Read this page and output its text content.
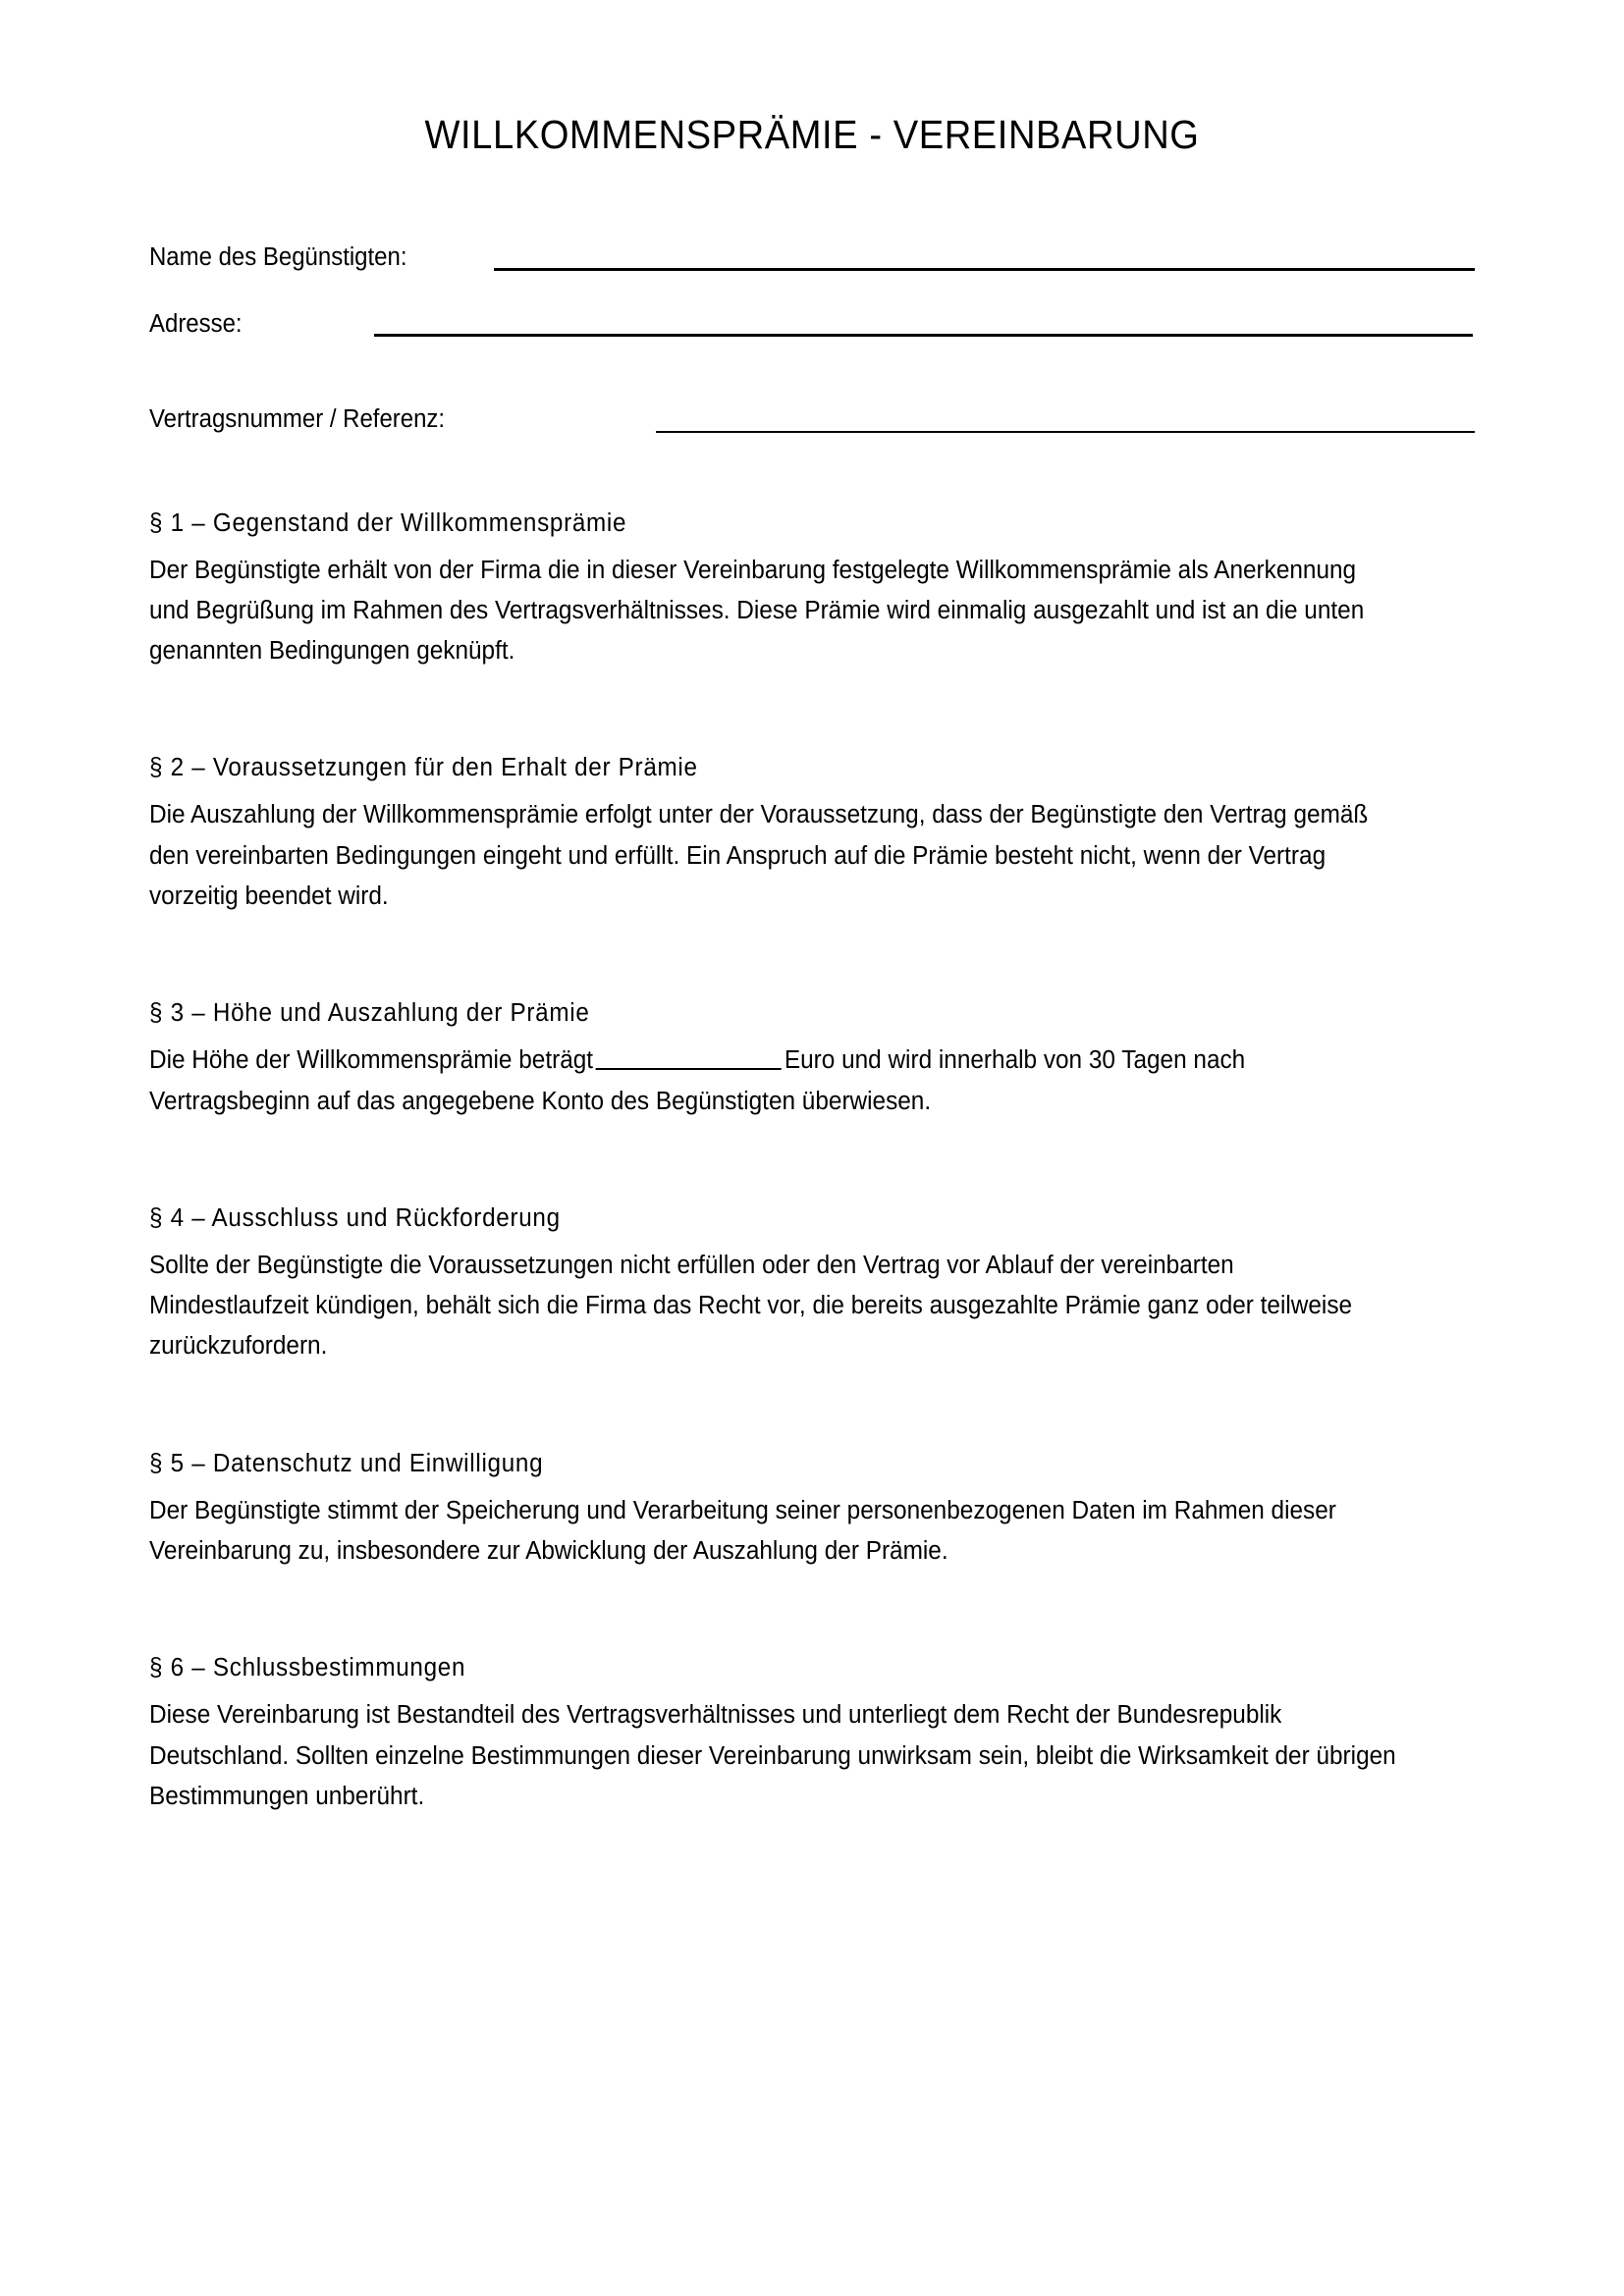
WILLKOMMENSPRÄMIE - VEREINBARUNG
Name des Begünstigten:
Adresse:
Vertragsnummer / Referenz:
§ 1 – Gegenstand der Willkommensprämie

Der Begünstigte erhält von der Firma die in dieser Vereinbarung festgelegte Willkommensprämie als Anerkennung und Begrüßung im Rahmen des Vertragsverhältnisses. Diese Prämie wird einmalig ausgezahlt und ist an die unten genannten Bedingungen geknüpft.

§ 2 – Voraussetzungen für den Erhalt der Prämie

Die Auszahlung der Willkommensprämie erfolgt unter der Voraussetzung, dass der Begünstigte den Vertrag gemäß den vereinbarten Bedingungen eingeht und erfüllt. Ein Anspruch auf die Prämie besteht nicht, wenn der Vertrag vorzeitig beendet wird.

§ 3 – Höhe und Auszahlung der Prämie

Die Höhe der Willkommensprämie beträgt	Euro und wird innerhalb von 30 Tagen nach Vertragsbeginn auf das angegebene Konto des Begünstigten überwiesen.

§ 4 – Ausschluss und Rückforderung

Sollte der Begünstigte die Voraussetzungen nicht erfüllen oder den Vertrag vor Ablauf der vereinbarten Mindestlaufzeit kündigen, behält sich die Firma das Recht vor, die bereits ausgezahlte Prämie ganz oder teilweise zurückzufordern.

§ 5 – Datenschutz und Einwilligung

Der Begünstigte stimmt der Speicherung und Verarbeitung seiner personenbezogenen Daten im Rahmen dieser Vereinbarung zu, insbesondere zur Abwicklung der Auszahlung der Prämie.

§ 6 – Schlussbestimmungen

Diese Vereinbarung ist Bestandteil des Vertragsverhältnisses und unterliegt dem Recht der Bundesrepublik Deutschland. Sollten einzelne Bestimmungen dieser Vereinbarung unwirksam sein, bleibt die Wirksamkeit der übrigen Bestimmungen unberührt.
